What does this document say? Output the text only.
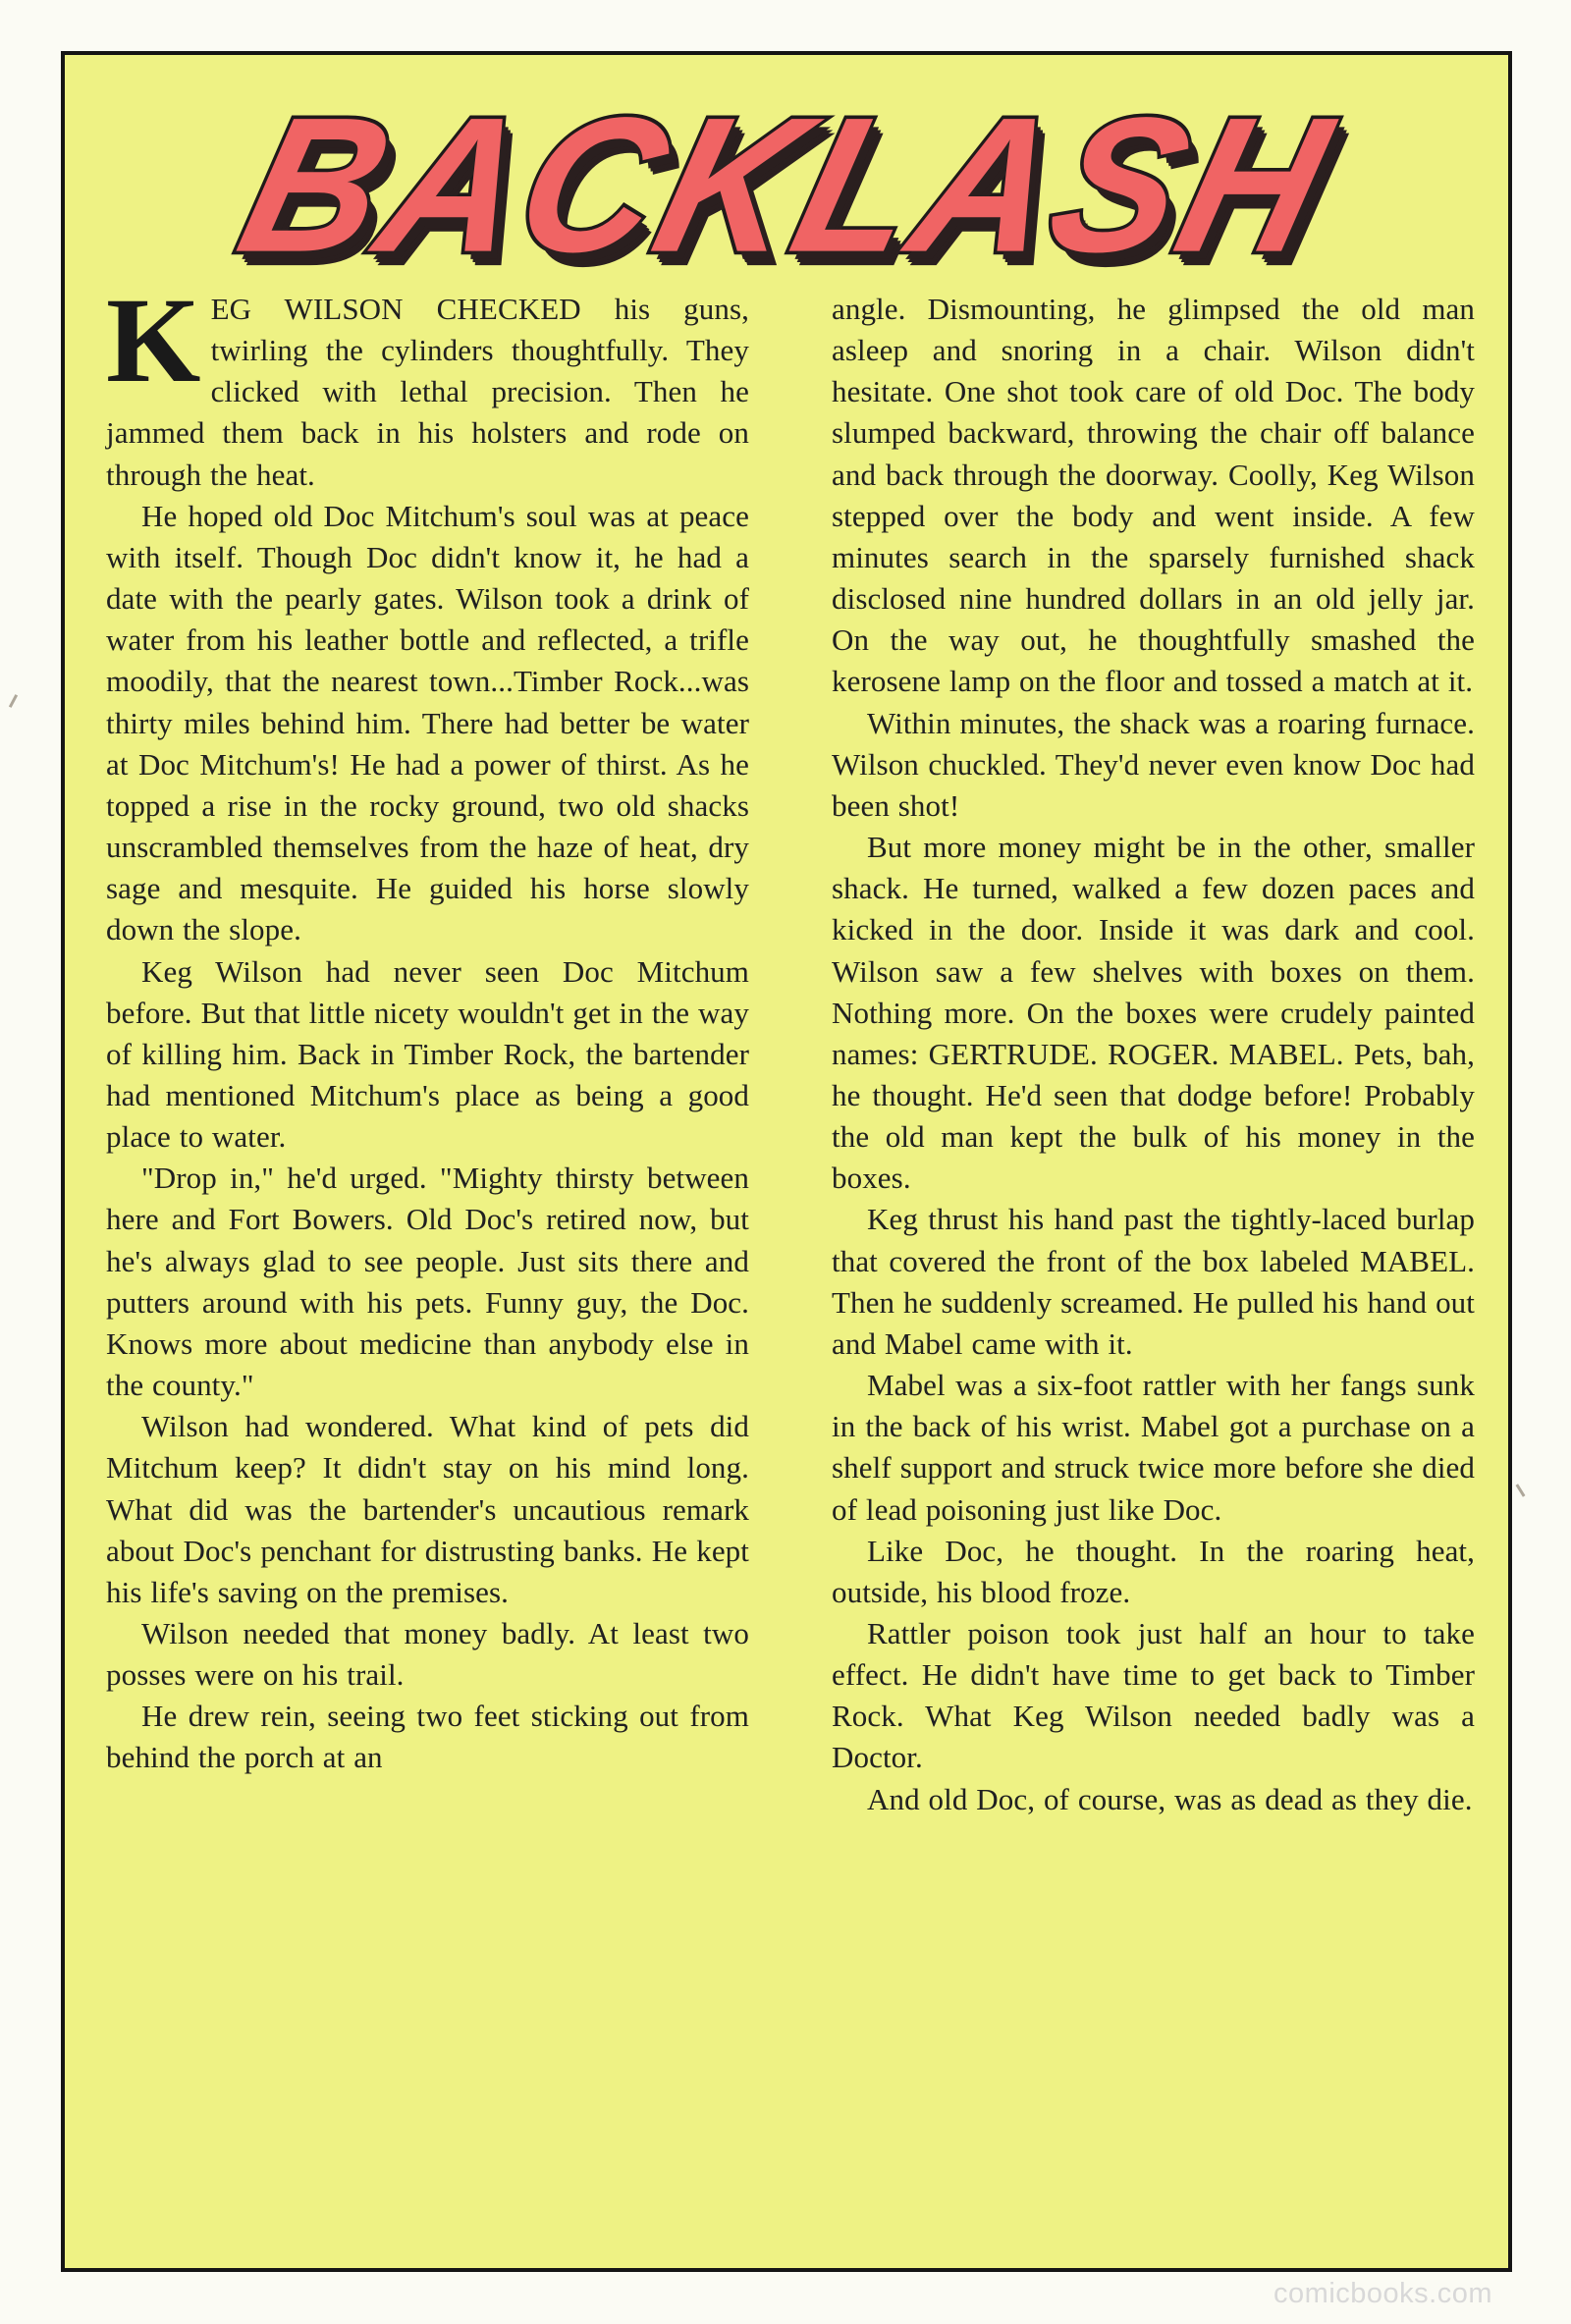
BACKLASH

K EG WILSON CHECKED his guns, twirling the cylinders thoughtfully. They clicked with lethal precision. Then he jammed them back in his holsters and rode on through the heat.

He hoped old Doc Mitchum's soul was at peace with itself. Though Doc didn't know it, he had a date with the pearly gates. Wilson took a drink of water from his leather bottle and reflected, a trifle moodily, that the nearest town...Timber Rock...was thirty miles behind him. There had better be water at Doc Mitchum's! He had a power of thirst. As he topped a rise in the rocky ground, two old shacks unscrambled themselves from the haze of heat, dry sage and mesquite. He guided his horse slowly down the slope.

Keg Wilson had never seen Doc Mitchum before. But that little nicety wouldn't get in the way of killing him. Back in Timber Rock, the bartender had mentioned Mitchum's place as being a good place to water.

"Drop in," he'd urged. "Mighty thirsty between here and Fort Bowers. Old Doc's retired now, but he's always glad to see people. Just sits there and putters around with his pets. Funny guy, the Doc. Knows more about medicine than anybody else in the county."

Wilson had wondered. What kind of pets did Mitchum keep? It didn't stay on his mind long. What did was the bartender's uncautious remark about Doc's penchant for distrusting banks. He kept his life's saving on the premises.

Wilson needed that money badly. At least two posses were on his trail.

He drew rein, seeing two feet sticking out from behind the porch at an

angle. Dismounting, he glimpsed the old man asleep and snoring in a chair. Wilson didn't hesitate. One shot took care of old Doc. The body slumped backward, throwing the chair off balance and back through the doorway. Coolly, Keg Wilson stepped over the body and went inside. A few minutes search in the sparsely furnished shack disclosed nine hundred dollars in an old jelly jar. On the way out, he thoughtfully smashed the kerosene lamp on the floor and tossed a match at it.

Within minutes, the shack was a roaring furnace. Wilson chuckled. They'd never even know Doc had been shot!

But more money might be in the other, smaller shack. He turned, walked a few dozen paces and kicked in the door. Inside it was dark and cool. Wilson saw a few shelves with boxes on them. Nothing more. On the boxes were crudely painted names: GERTRUDE. ROGER. MABEL. Pets, bah, he thought. He'd seen that dodge before! Probably the old man kept the bulk of his money in the boxes.

Keg thrust his hand past the tightly-laced burlap that covered the front of the box labeled MABEL. Then he suddenly screamed. He pulled his hand out and Mabel came with it.

Mabel was a six-foot rattler with her fangs sunk in the back of his wrist. Mabel got a purchase on a shelf support and struck twice more before she died of lead poisoning just like Doc.

Like Doc, he thought. In the roaring heat, outside, his blood froze.

Rattler poison took just half an hour to take effect. He didn't have time to get back to Timber Rock. What Keg Wilson needed badly was a Doctor.

And old Doc, of course, was as dead as they die.

comicbooks.com
